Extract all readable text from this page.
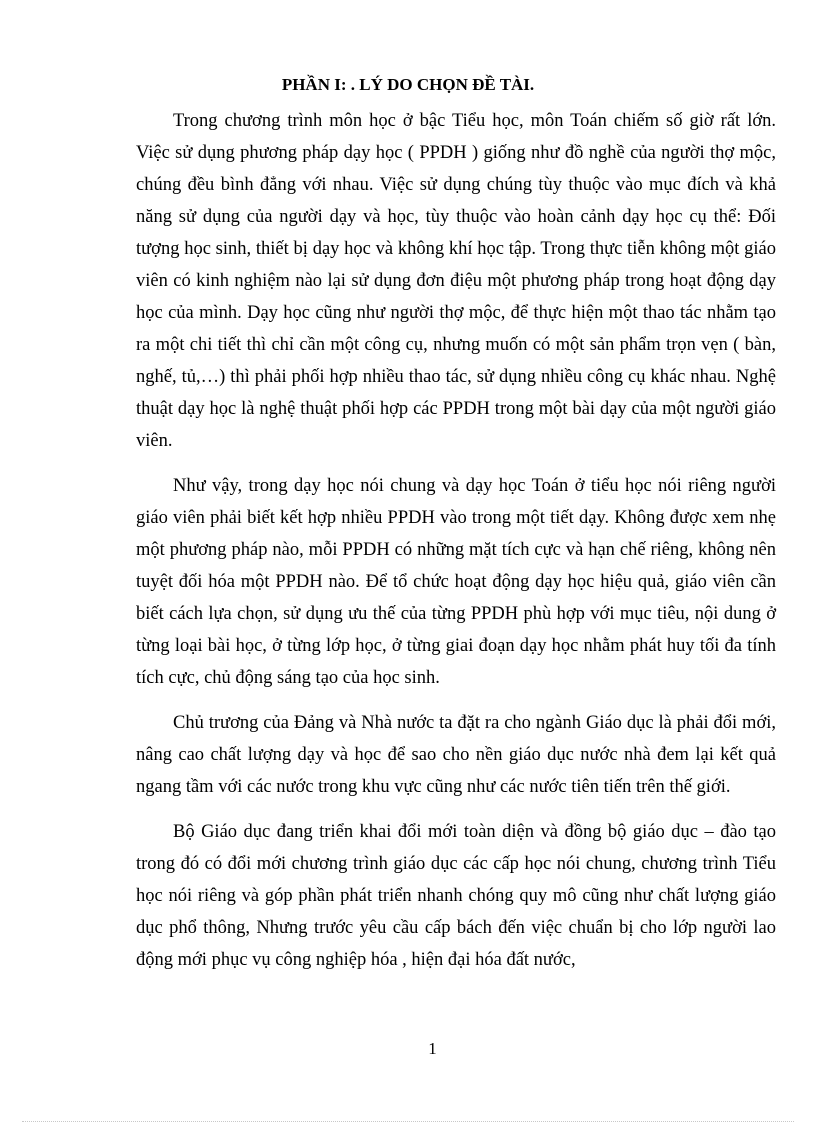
PHẦN I: . LÝ DO CHỌN ĐỀ TÀI.

Trong chương trình môn học ở bậc Tiểu học, môn Toán chiếm số giờ rất lớn. Việc sử dụng phương pháp dạy học ( PPDH ) giống như đồ nghề của người thợ mộc, chúng đều bình đẳng với nhau. Việc sử dụng chúng tùy thuộc vào mục đích và khả năng sử dụng của người dạy và học, tùy thuộc vào hoàn cảnh dạy học cụ thể: Đối tượng học sinh, thiết bị dạy học và không khí học tập. Trong thực tiễn không một giáo viên có kinh nghiệm nào lại sử dụng đơn điệu một phương pháp trong hoạt động dạy học của mình. Dạy học cũng như người thợ mộc, để thực hiện một thao tác nhằm tạo ra một chi tiết thì chỉ cần một công cụ, nhưng muốn có một sản phẩm trọn vẹn ( bàn, nghế, tủ,…) thì phải phối hợp nhiều thao tác, sử dụng nhiều công cụ khác nhau. Nghệ thuật dạy học là nghệ thuật phối hợp các PPDH trong một bài dạy của một người giáo viên.

Như vậy, trong dạy học nói chung và dạy học Toán ở tiểu học nói riêng người giáo viên phải biết kết hợp nhiều PPDH vào trong một tiết dạy. Không được xem nhẹ một phương pháp nào, mỗi PPDH có những mặt tích cực và hạn chế riêng, không nên tuyệt đối hóa một PPDH nào. Để tổ chức hoạt động dạy học hiệu quả, giáo viên cần biết cách lựa chọn, sử dụng ưu thế của từng PPDH phù hợp với mục tiêu, nội dung ở từng loại bài học, ở từng lớp học, ở từng giai đoạn dạy học nhằm phát huy tối đa tính tích cực, chủ động sáng tạo của học sinh.

Chủ trương của Đảng và Nhà nước ta đặt ra cho ngành Giáo dục là phải đổi mới, nâng cao chất lượng dạy và học để sao cho nền giáo dục nước nhà đem lại kết quả ngang tầm với các nước trong khu vực cũng như các nước tiên tiến trên thế giới.

Bộ Giáo dục đang triển khai đổi mới toàn diện và đồng bộ giáo dục – đào tạo trong đó có đổi mới chương trình giáo dục các cấp học nói chung, chương trình Tiểu học nói riêng và góp phần phát triển nhanh chóng quy mô cũng như chất lượng giáo dục phổ thông, Nhưng trước yêu cầu cấp bách đến việc chuẩn bị cho lớp người lao động mới phục vụ công nghiệp hóa , hiện đại hóa đất nước,

1
